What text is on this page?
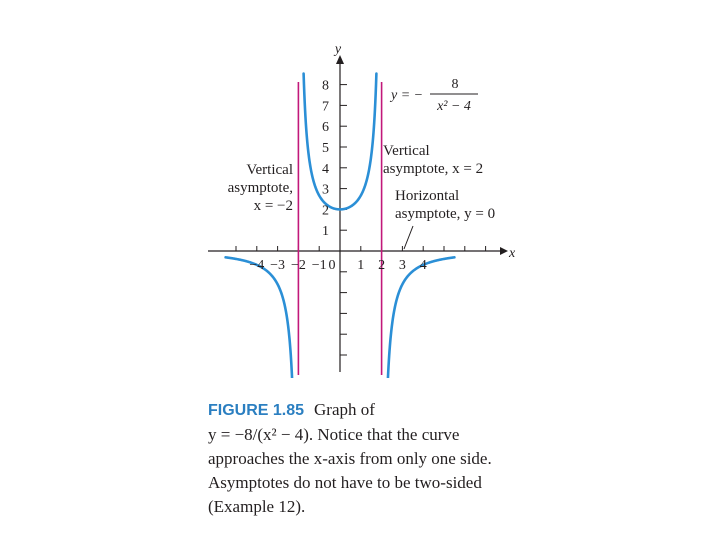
−4 −3 −2 −1 0 1 2 3 4
1
2
3
4
5
6
7
8
x
y
y = −
8
x² − 4
Vertical
asymptote,
x = −2
Vertical
asymptote, x = 2
Horizontal
asymptote, y = 0
FIGURE 1.85 Graph of
y = −8/(x² − 4). Notice that the curve
approaches the x-axis from only one side.
Asymptotes do not have to be two-sided
(Example 12).
